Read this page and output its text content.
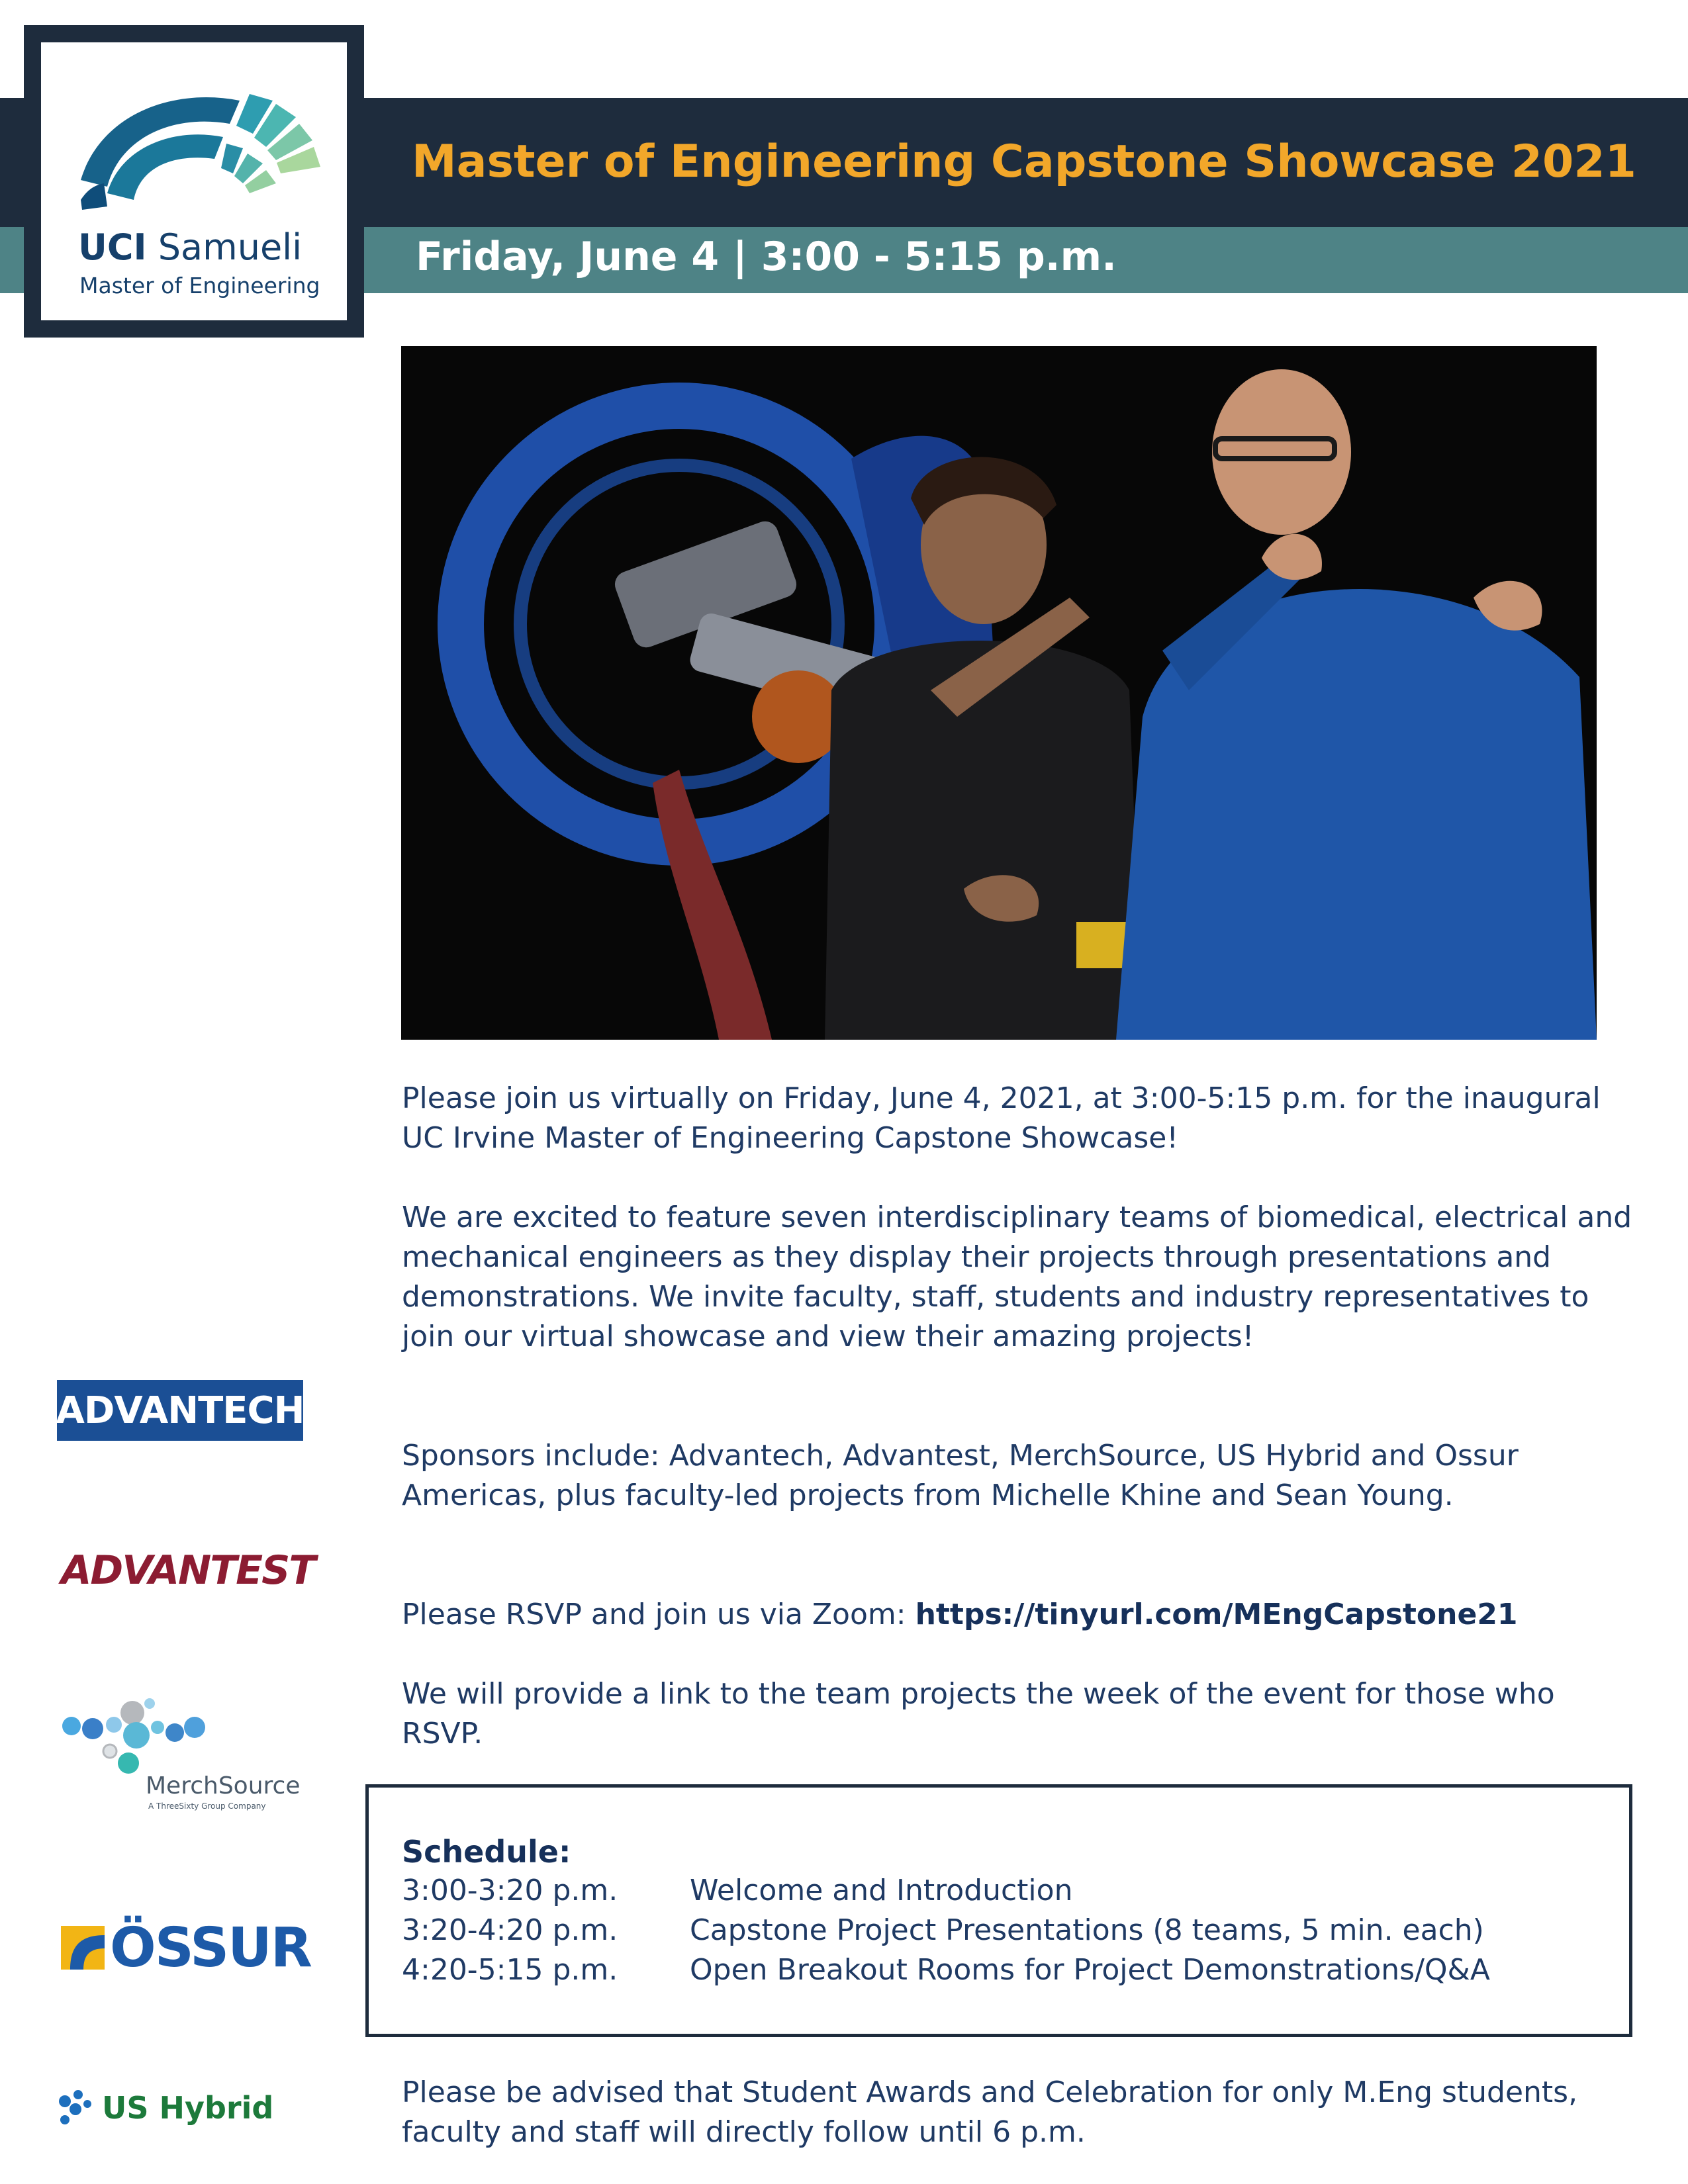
Master of Engineering Capstone Showcase 2021
Friday, June 4 | 3:00 - 5:15 p.m.
UCI Samueli
Master of Engineering
Please join us virtually on Friday, June 4, 2021, at 3:00-5:15 p.m. for the inaugural UC Irvine Master of Engineering Capstone Showcase!
We are excited to feature seven interdisciplinary teams of biomedical, electrical and mechanical engineers as they display their projects through presentations and demonstrations. We invite faculty, staff, students and industry representatives to join our virtual showcase and view their amazing projects!
Sponsors include: Advantech, Advantest, MerchSource, US Hybrid and Ossur Americas, plus faculty-led projects from Michelle Khine and Sean Young.
Please RSVP and join us via Zoom: https://tinyurl.com/MEngCapstone21
We will provide a link to the team projects the week of the event for those who RSVP.
Schedule:
3:00-3:20 p.m. Welcome and Introduction
3:20-4:20 p.m. Capstone Project Presentations (8 teams, 5 min. each)
4:20-5:15 p.m. Open Breakout Rooms for Project Demonstrations/Q&A
Please be advised that Student Awards and Celebration for only M.Eng students, faculty and staff will directly follow until 6 p.m.
ADVANTECH
ADVANTEST
MerchSource
A ThreeSixty Group Company
ÖSSUR
US Hybrid
